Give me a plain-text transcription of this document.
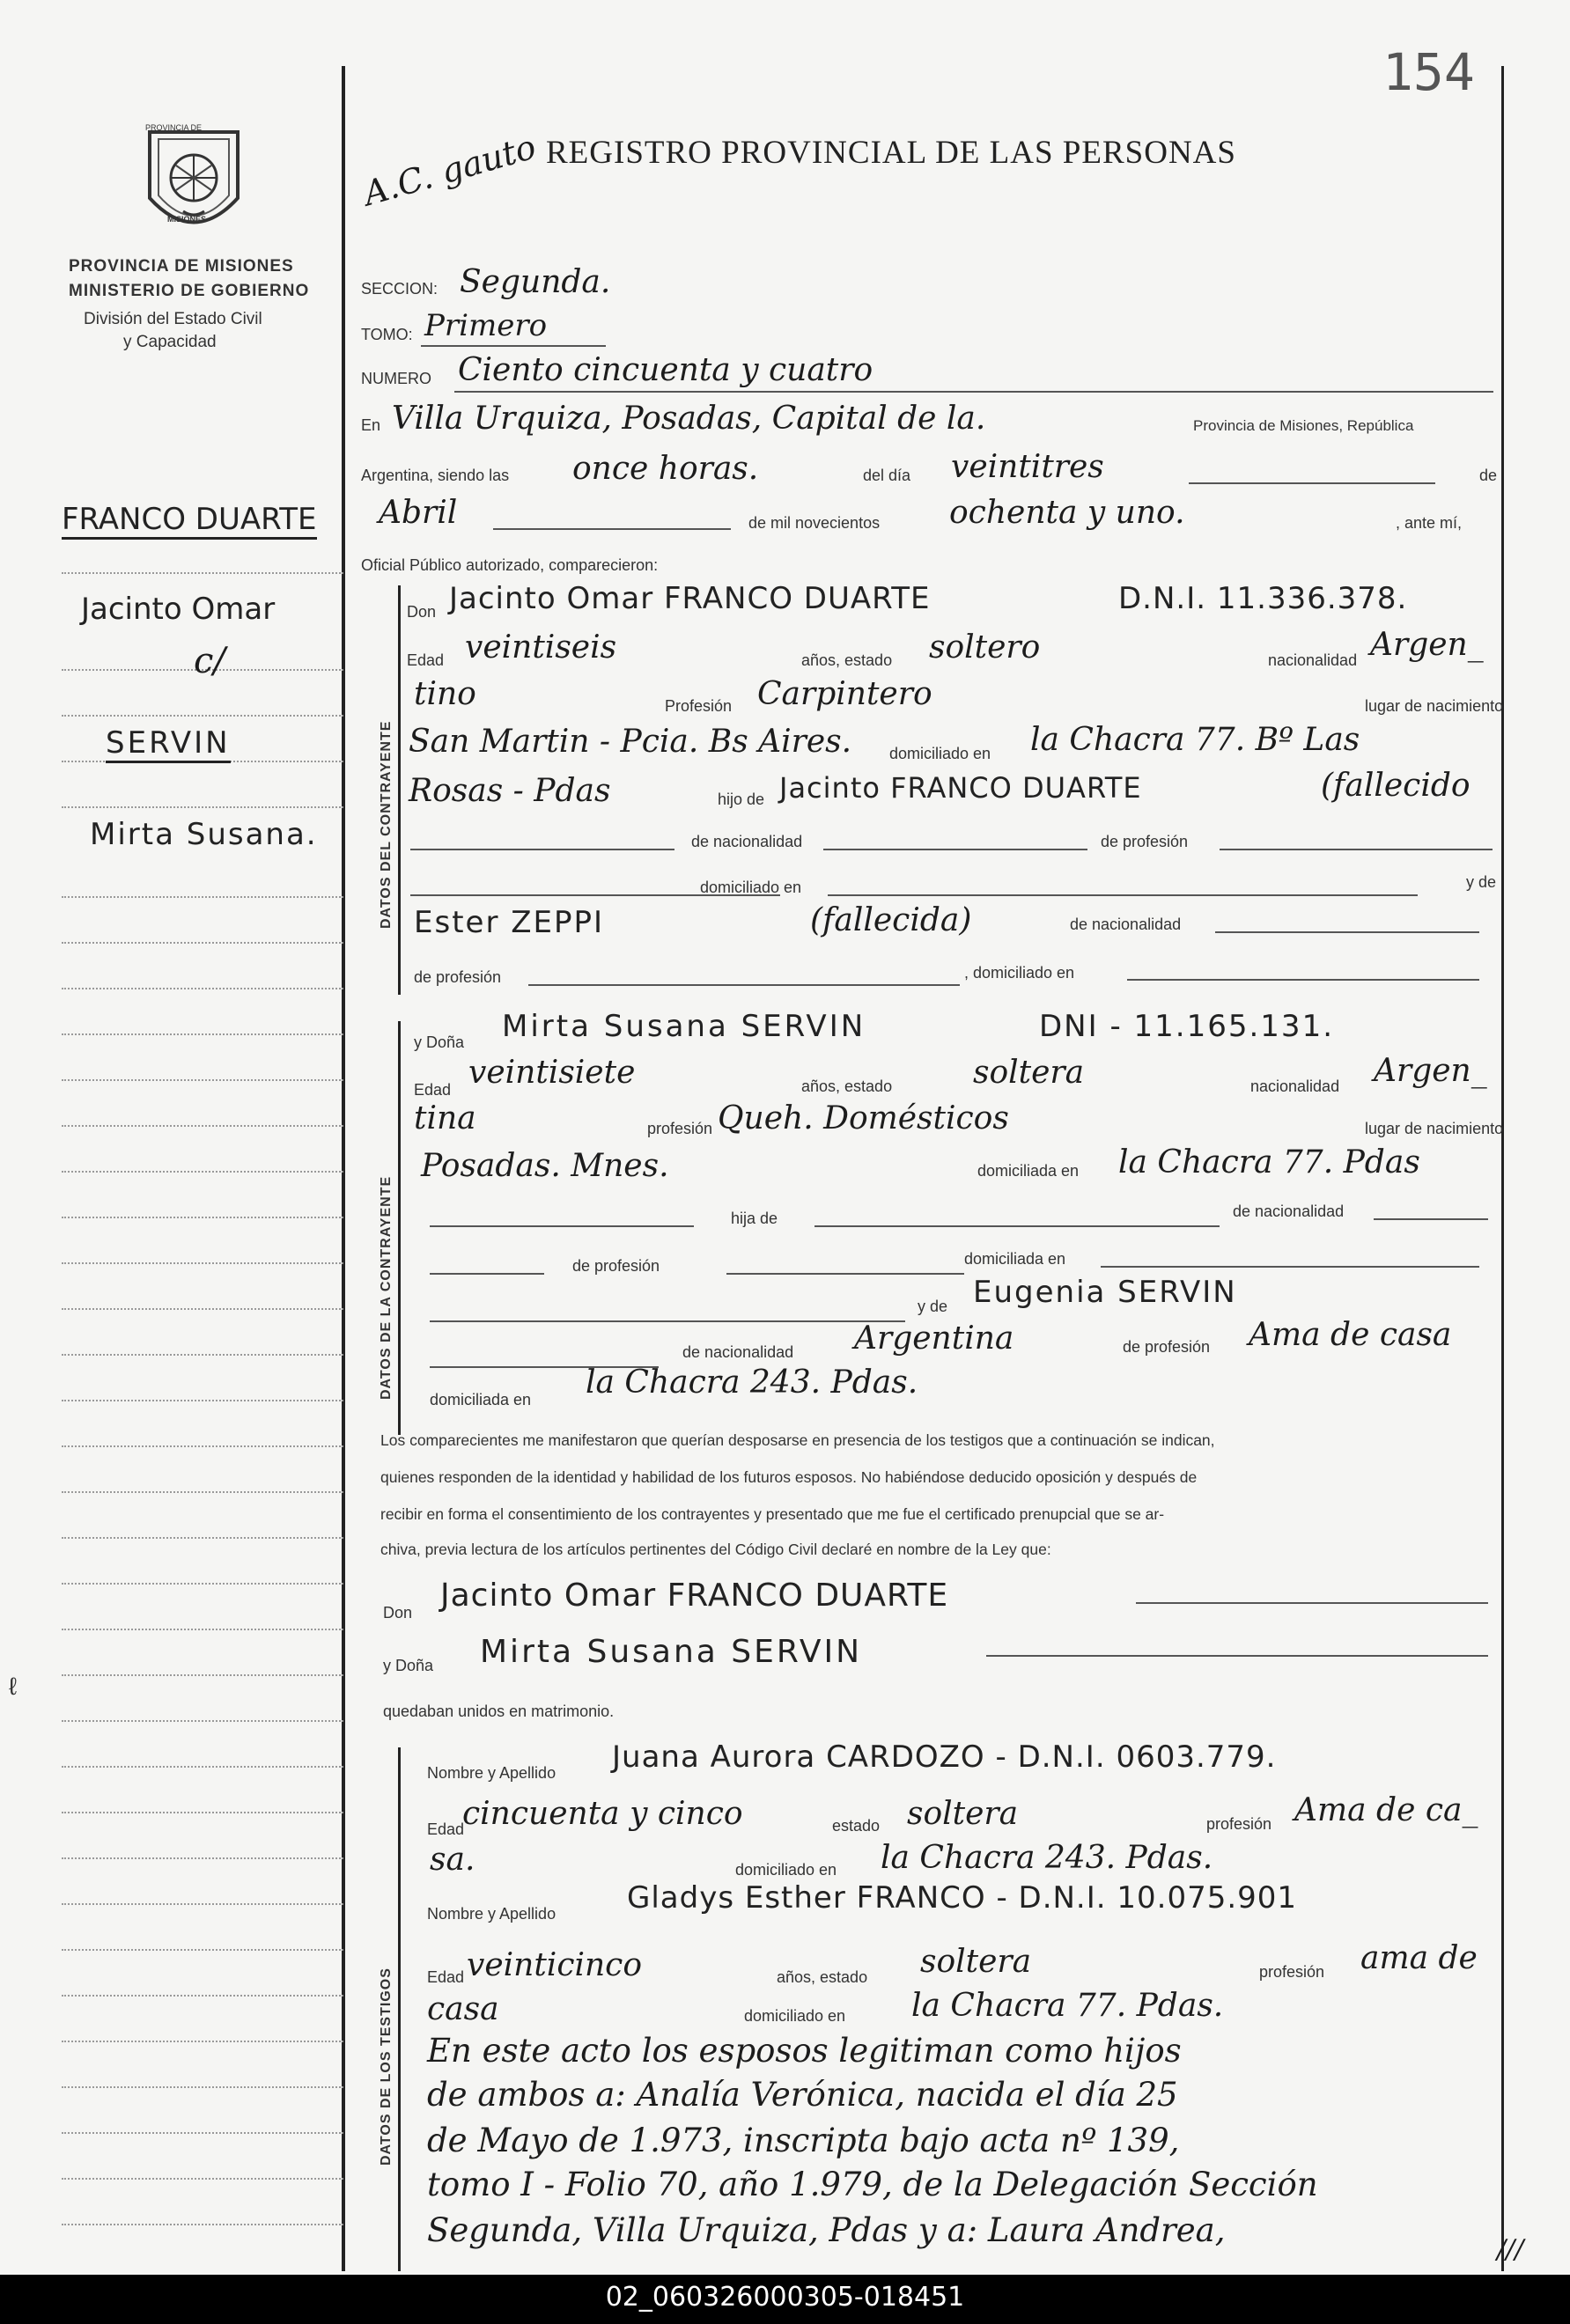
PROVINCIA DE
MISIONES
PROVINCIA DE MISIONES
MINISTERIO DE GOBIERNO
División del Estado Civil
y Capacidad
154
REGISTRO PROVINCIAL DE LAS PERSONAS
A.C. gauto
FRANCO DUARTE
Jacinto Omar
c/
SERVIN
Mirta Susana.
SECCION: Segunda.
TOMO: Primero
NUMERO Ciento cincuenta y cuatro
En Villa Urquiza, Posadas, Capital de la.	Provincia de Misiones, República
Argentina, siendo las once horas.	del día veintitres	de
Abril	de mil novecientos ochenta y uno.	, ante mí,
Oficial Público autorizado, comparecieron:
DATOS DEL CONTRAYENTE
Don Jacinto Omar FRANCO DUARTE	D.N.I. 11.336.378.
Edad veintiseis	años, estado soltero	nacionalidad Argen_
tino	Profesión Carpintero	lugar de nacimiento
San Martin - Pcia. Bs Aires. domiciliado en la Chacra 77. Bº Las
Rosas - Pdas	hijo de Jacinto FRANCO DUARTE	(fallecido
de nacionalidad	de profesión
domiciliado en	y de
Ester ZEPPI	(fallecida)	de nacionalidad
de profesión	, domiciliado en
DATOS DE LA CONTRAYENTE
y Doña Mirta Susana SERVIN	DNI - 11.165.131.
Edad veintisiete	años, estado	soltera	nacionalidad Argen_
tina	profesión Queh. Domésticos	lugar de nacimiento
Posadas. Mnes.	domiciliada en la Chacra 77. Pdas
hija de	de nacionalidad
de profesión	domiciliada en
y de Eugenia SERVIN
de nacionalidad Argentina	de profesión Ama de casa
domiciliada en la Chacra 243. Pdas.
Los comparecientes me manifestaron que querían desposarse en presencia de los testigos que a continuación se indican,
quienes responden de la identidad y habilidad de los futuros esposos. No habiéndose deducido oposición y después de
recibir en forma el consentimiento de los contrayentes y presentado que me fue el certificado prenupcial que se ar-
chiva, previa lectura de los artículos pertinentes del Código Civil declaré en nombre de la Ley que:
Don Jacinto Omar FRANCO DUARTE
y Doña Mirta Susana SERVIN
quedaban unidos en matrimonio.
DATOS DE LOS TESTIGOS
Nombre y Apellido Juana Aurora CARDOZO - D.N.I. 0603.779.
Edad
cincuenta y cinco	estado soltera	profesión Ama de ca_
sa.	domiciliado en la Chacra 243. Pdas.
Nombre y Apellido Gladys Esther FRANCO - D.N.I. 10.075.901
Edad veinticinco	años, estado soltera	profesión ama de
casa	domiciliado en la Chacra 77. Pdas.
En este acto los esposos legitiman como hijos
de ambos a: Analía Verónica, nacida el día 25
de Mayo de 1.973, inscripta bajo acta nº 139,
tomo I - Folio 70, año 1.979, de la Delegación Sección
Segunda, Villa Urquiza, Pdas y a: Laura Andrea,
///
ℓ
02_060326000305-018451
